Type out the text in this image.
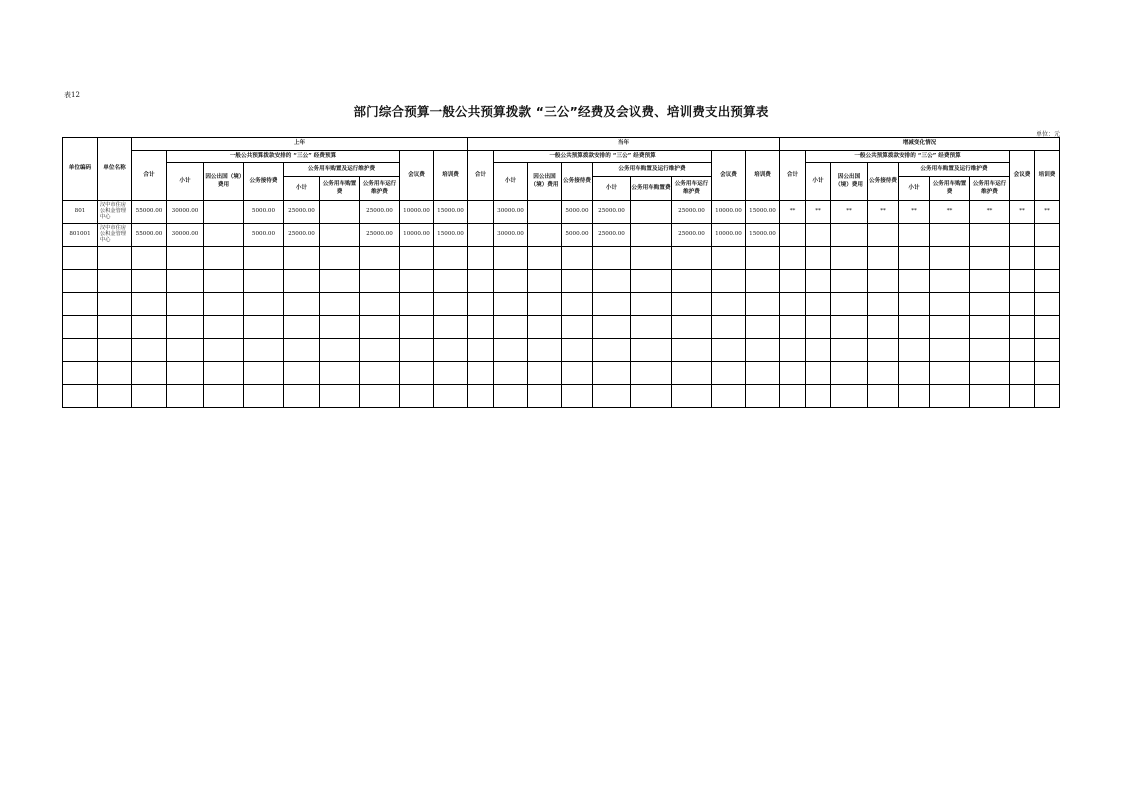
表12
部门综合预算一般公共预算拨款 “三公”经费及会议费、培训费支出预算表
单位：元
单位编码	单位名称	上年									当年									增减变化情况								
		合计	一般公共预算拨款安排的 “三公” 经费预算						会议费	培训费	合计	一般公共预算拨款安排的 “三公” 经费预算						会议费	培训费	合计	一般公共预算拨款安排的 “三公” 经费预算						会议费	培训费
			小计	因公出国（境）费用	公务接待费	公务用车购置及运行维护费						小计	因公出国（境）费用	公务接待费	公务用车购置及运行维护费						小计	因公出国（境）费用	公务接待费	公务用车购置及运行维护费				
						小计	公务用车购置费	公务用车运行维护费							小计	公务用车购置费	公务用车运行维护费							小计	公务用车购置费	公务用车运行维护费		
801	汉中市住房公积金管理中心	55000.00	30000.00		5000.00	25000.00		25000.00	10000.00	15000.00		30000.00		5000.00	25000.00		25000.00	10000.00	15000.00	**	**	**	**	**	**	**	**	**
801001	汉中市住房公积金管理中心	55000.00	30000.00		5000.00	25000.00		25000.00	10000.00	15000.00		30000.00		5000.00	25000.00		25000.00	10000.00	15000.00									
